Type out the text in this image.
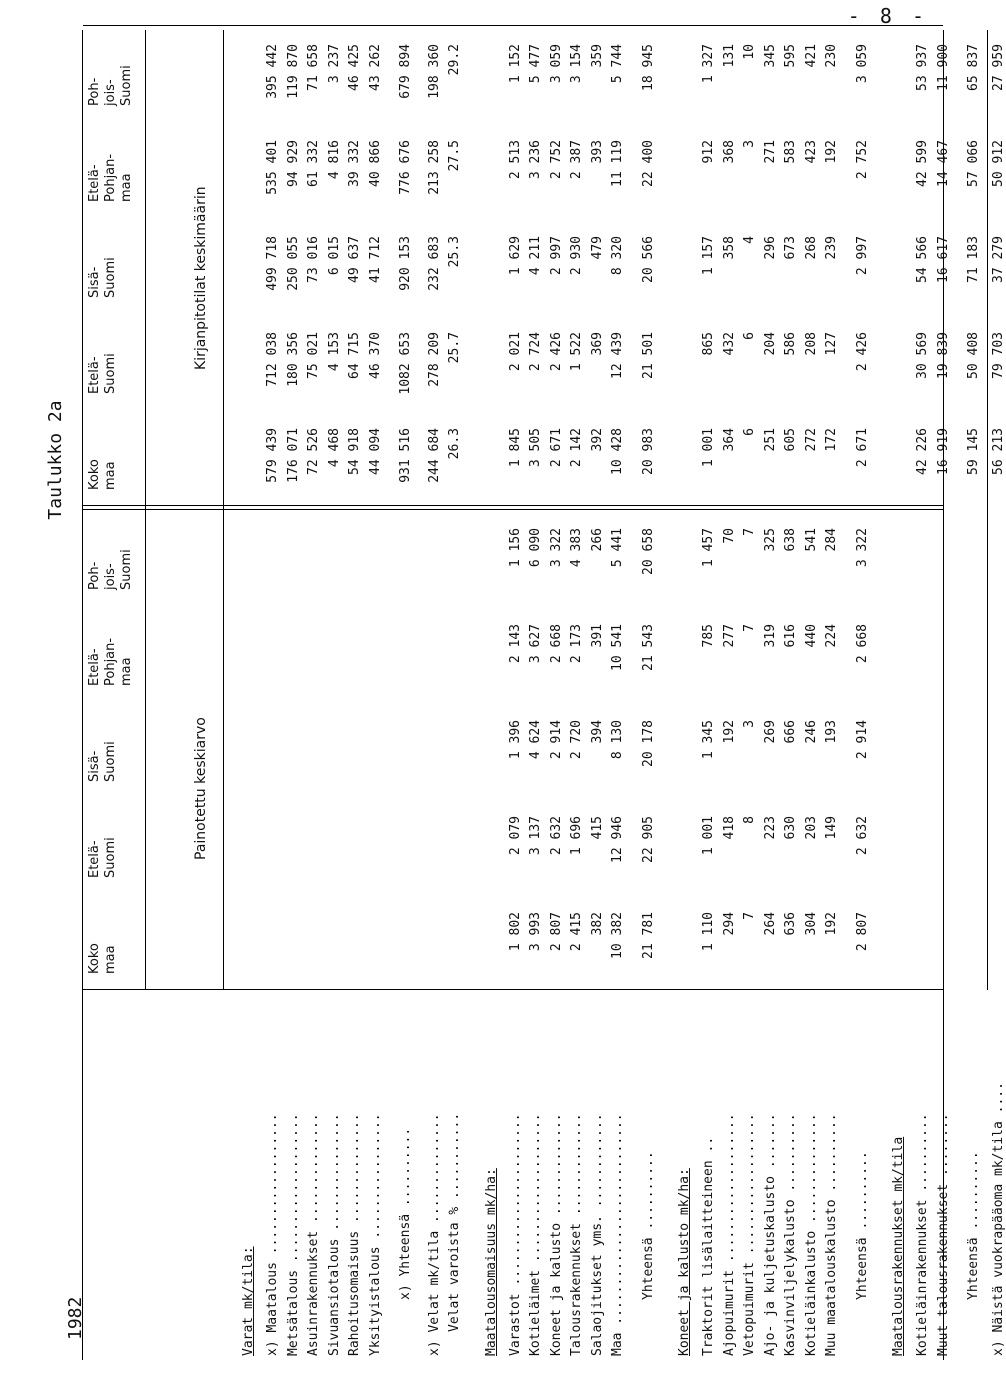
- 8 -
1982
Taulukko 2a
Koko maa
Koko maa
Etelä- Suomi
Etelä- Suomi
Sisä- Suomi
Sisä- Suomi
Etelä- Pohjan- maa
Etelä- Pohjan- maa
Poh- jois- Suomi
Poh- jois- Suomi
Painotettu keskiarvo
Kirjanpitotilat keskimäärin
Varat mk/tila: x) Maatalous ..................
579 439
712 038
499 718
535 401
395 442
Metsätalous ...................
176 071
180 356
250 055
94 929
119 870
Asuinrakennukset ..............
72 526
75 021
73 016
61 332
71 658
Sivuansiotalous ...............
4 468
4 153
6 015
4 816
3 237
Rahoitusomaisuus ..............
54 918
64 715
49 637
39 332
46 425
Yksityistalous ................
44 094
46 370
41 712
40 866
43 262
x) Yhteensä ..........
931 516
1082 653
920 153
776 676
679 894
x) Velat mk/tila ..............
244 684
278 209
232 683
213 258
198 360
Velat varoista % ...........
26.3
25.7
25.3
27.5
29.2
Maatalousomaisuus mk/ha: Varastot ......................
1 802
2 079
1 396
2 143
1 156
1 845
2 021
1 629
2 513
1 152
Kotieläimet ...................
3 993
3 137
4 624
3 627
6 090
3 505
2 724
4 211
3 236
5 477
Koneet ja kalusto .............
2 807
2 632
2 914
2 668
3 322
2 671
2 426
2 997
2 752
3 059
Talousrakennukset .............
2 415
1 696
2 720
2 173
4 383
2 142
1 522
2 930
2 387
3 154
Salaojitukset yms. ............
382
415
394
391
266
392
369
479
393
359
Maa ...........................
10 382
12 946
8 130
10 541
5 441
10 428
12 439
8 320
11 119
5 744
Yhteensä ..........
21 781
22 905
20 178
21 543
20 658
20 983
21 501
20 566
22 400
18 945
Koneet ja kalusto mk/ha: Traktorit lisälaitteineen ..
1 110
1 001
1 345
785
1 457
1 001
865
1 157
912
1 327
Ajopuimurit ...................
294
418
192
277
70
364
432
358
368
131
Vetopuimurit ..................
7
8
3
7
7
6
6
4
3
10
Ajo- ja kuljetuskalusto .......
264
223
269
319
325
251
204
296
271
345
Kasvinviljelykalusto ..........
636
630
666
616
638
605
586
673
583
595
Kotieläinkalusto ..............
304
203
246
440
541
272
208
268
423
421
Muu maatalouskalusto ..........
192
149
193
224
284
172
127
239
192
230
Yhteensä ..........
2 807
2 632
2 914
2 668
3 322
2 671
2 426
2 997
2 752
3 059
Maatalousrakennukset mk/tila Kotieläinrakennukset ..........
42 226
30 569
54 566
42 599
53 937
Muut talousrakennukset ........
16 919
19 839
16 617
14 467
11 900
Yhteensä ..........
59 145
50 408
71 183
57 066
65 837
x) Näistä vuokrapääoma mk/tila ....
56 213
79 703
37 279
50 912
27 959
